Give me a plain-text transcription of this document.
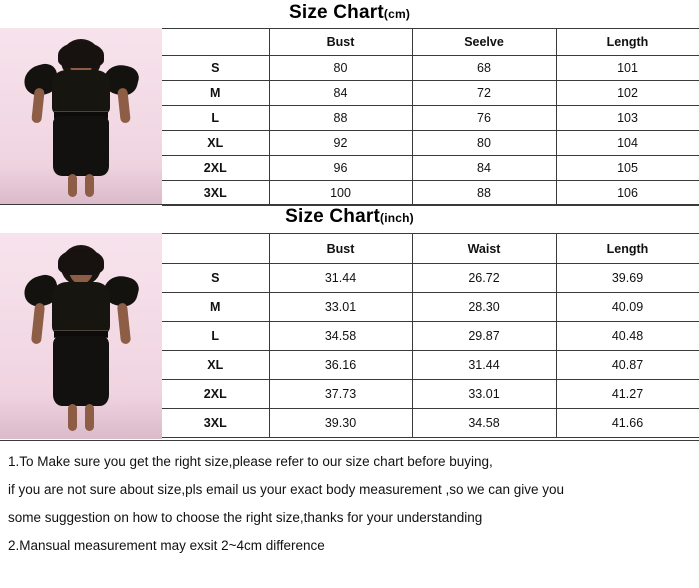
Size Chart(cm)
	Bust	Seelve	Length
S	80	68	101
M	84	72	102
L	88	76	103
XL	92	80	104
2XL	96	84	105
3XL	100	88	106
Size Chart(inch)
	Bust	Waist	Length
S	31.44	26.72	39.69
M	33.01	28.30	40.09
L	34.58	29.87	40.48
XL	36.16	31.44	40.87
2XL	37.73	33.01	41.27
3XL	39.30	34.58	41.66

1.To Make sure you get the right size,please refer to our size chart before buying,

if you are not sure about size,pls email us your exact body measurement ,so we can give you

some suggestion on how to choose the right size,thanks for your understanding

2.Mansual measurement may exsit 2~4cm difference
